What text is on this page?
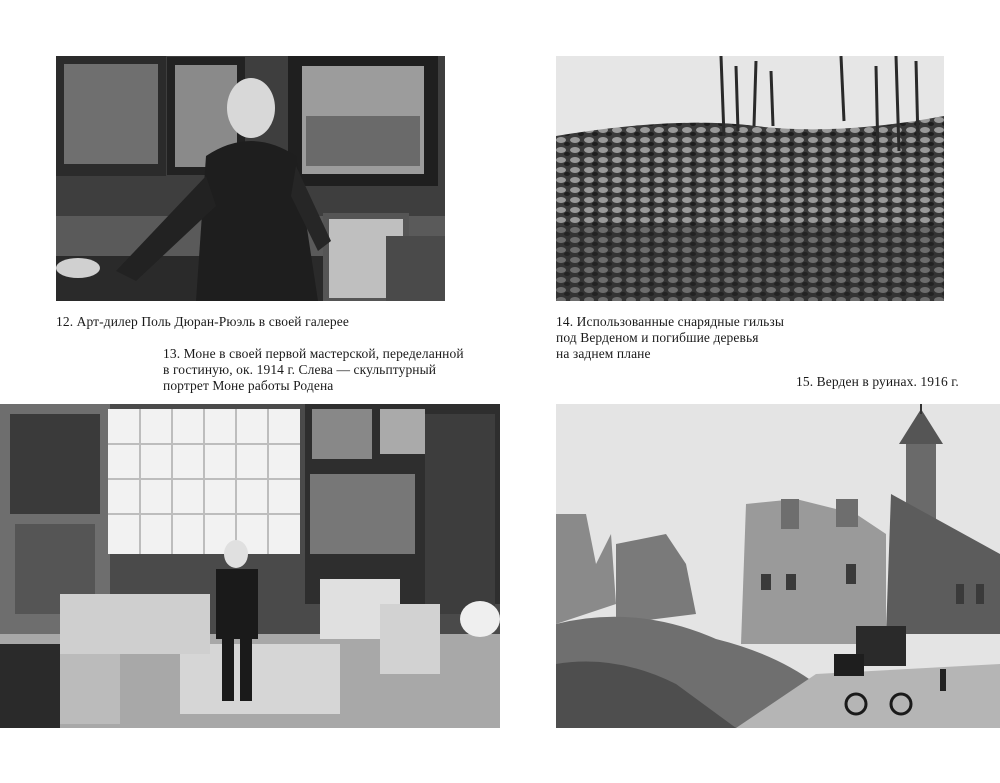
12. Арт-дилер Поль Дюран-Рюэль в своей галерее
13. Моне в своей первой мастерской, переделанной
в гостиную, ок. 1914 г. Слева — скульптурный
портрет Моне работы Родена
14. Использованные снарядные гильзы
под Верденом и погибшие деревья
на заднем плане
15. Верден в руинах. 1916 г.
